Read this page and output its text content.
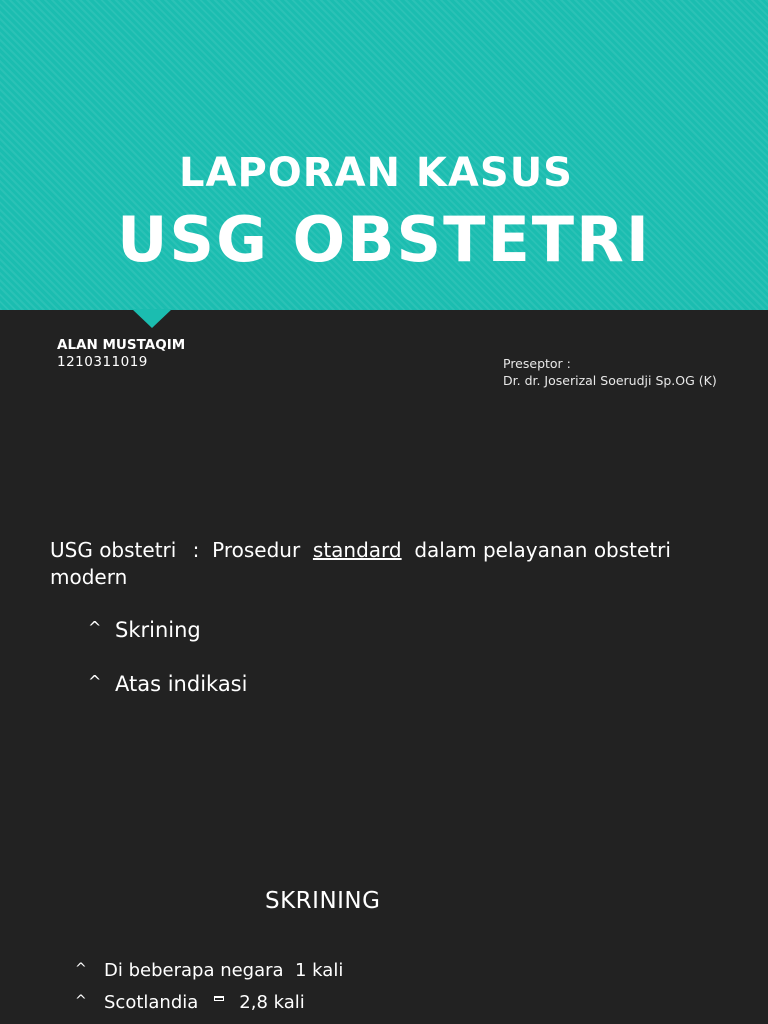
LAPORAN KASUS
USG OBSTETRI
ALAN MUSTAQIM
1210311019	Preseptor :
Dr. dr. Joserizal Soerudji Sp.OG (K)
USG obstetri : Prosedur standard dalam pelayanan obstetri modern
^ Skrining
^ Atas indikasi
SKRINING
^ Di beberapa negara  1 kali
^ Scotlandia 2,8 kali
